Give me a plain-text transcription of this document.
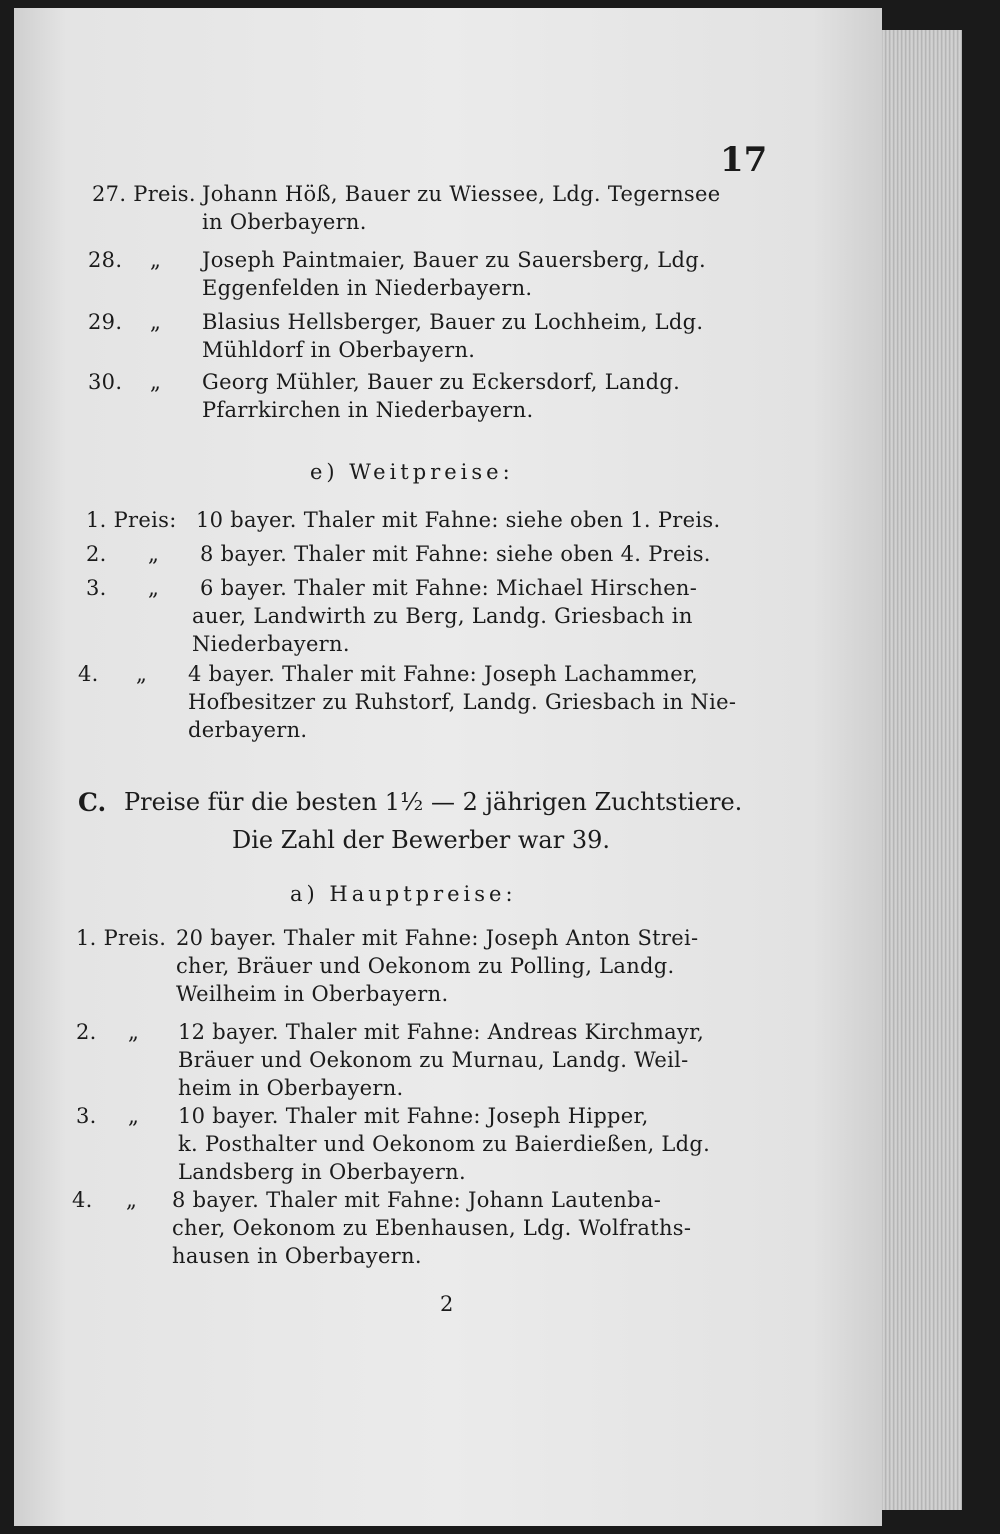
17
27. Preis. Johann Höß, Bauer zu Wiessee, Ldg. Tegernsee
in Oberbayern.
28. „ Joseph Paintmaier, Bauer zu Sauersberg, Ldg.
Eggenfelden in Niederbayern.
29. „ Blasius Hellsberger, Bauer zu Lochheim, Ldg.
Mühldorf in Oberbayern.
30. „ Georg Mühler, Bauer zu Eckersdorf, Landg.
Pfarrkirchen in Niederbayern.
e) Weitpreise:
1. Preis: 10 bayer. Thaler mit Fahne: siehe oben 1. Preis.
2. „ 8 bayer. Thaler mit Fahne: siehe oben 4. Preis.
3. „ 6 bayer. Thaler mit Fahne: Michael Hirschen-
auer, Landwirth zu Berg, Landg. Griesbach in
Niederbayern.
4. „ 4 bayer. Thaler mit Fahne: Joseph Lachammer,
Hofbesitzer zu Ruhstorf, Landg. Griesbach in Nie-
derbayern.
C. Preise für die besten 1½ — 2 jährigen Zuchtstiere.
Die Zahl der Bewerber war 39.
a) Hauptpreise:
1. Preis. 20 bayer. Thaler mit Fahne: Joseph Anton Strei-
cher, Bräuer und Oekonom zu Polling, Landg.
Weilheim in Oberbayern.
2. „ 12 bayer. Thaler mit Fahne: Andreas Kirchmayr,
Bräuer und Oekonom zu Murnau, Landg. Weil-
heim in Oberbayern.
3. „ 10 bayer. Thaler mit Fahne: Joseph Hipper,
k. Posthalter und Oekonom zu Baierdießen, Ldg.
Landsberg in Oberbayern.
4. „ 8 bayer. Thaler mit Fahne: Johann Lautenba-
cher, Oekonom zu Ebenhausen, Ldg. Wolfraths-
hausen in Oberbayern.
2
